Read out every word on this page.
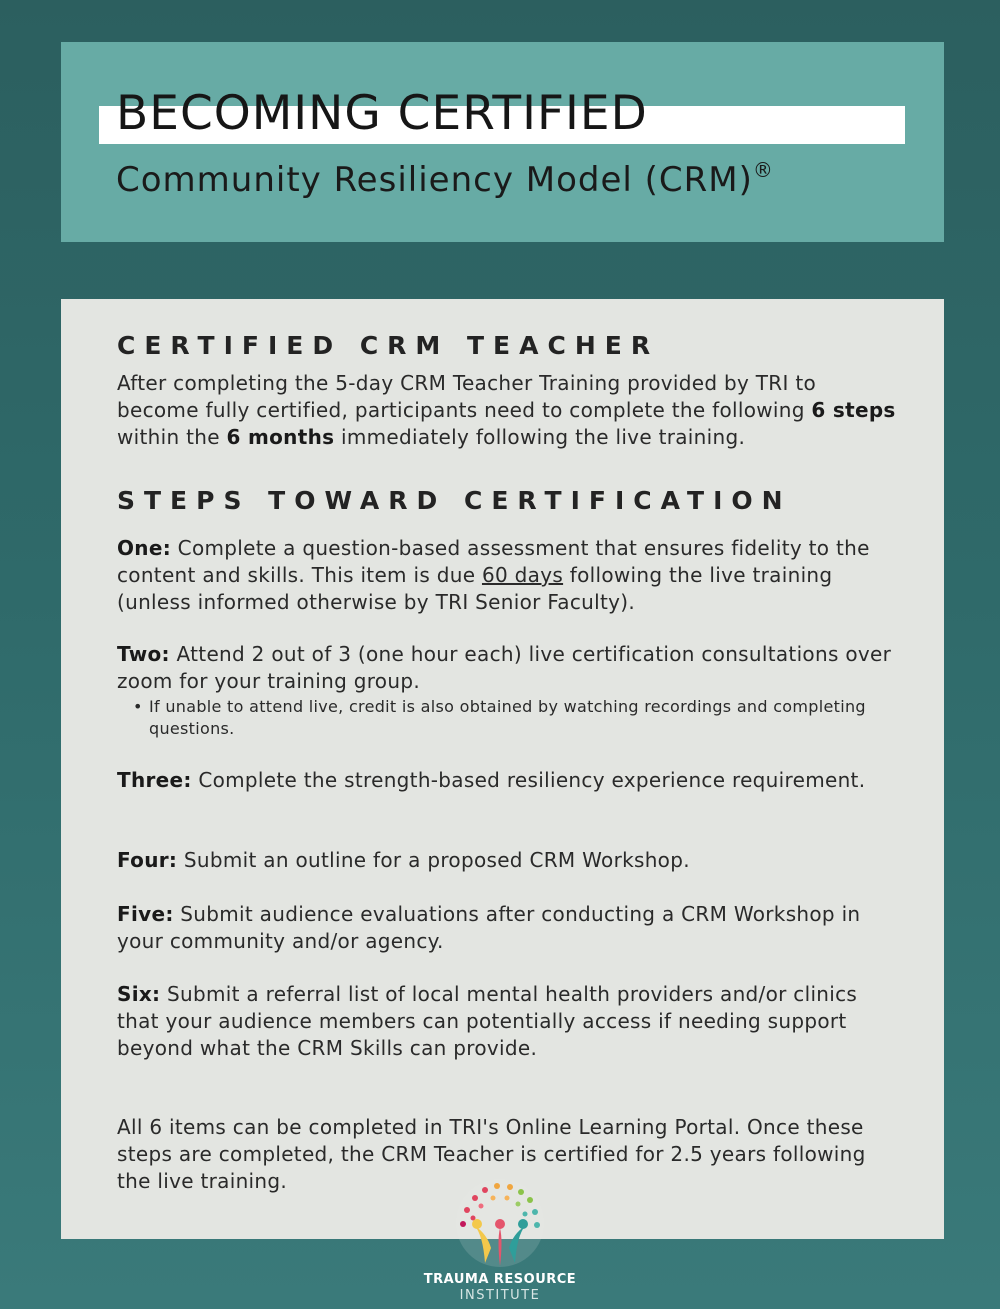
BECOMING CERTIFIED
Community Resiliency Model (CRM)®
CERTIFIED CRM TEACHER
After completing the 5-day CRM Teacher Training provided by TRI to become fully certified, participants need to complete the following 6 steps within the 6 months immediately following the live training.
STEPS TOWARD CERTIFICATION
One: Complete a question-based assessment that ensures fidelity to the content and skills. This item is due 60 days following the live training (unless informed otherwise by TRI Senior Faculty).
Two: Attend 2 out of 3 (one hour each) live certification consultations over zoom for your training group.
• If unable to attend live, credit is also obtained by watching recordings and completing questions.
Three: Complete the strength-based resiliency experience requirement.
Four: Submit an outline for a proposed CRM Workshop.
Five: Submit audience evaluations after conducting a CRM Workshop in your community and/or agency.
Six: Submit a referral list of local mental health providers and/or clinics that your audience members can potentially access if needing support beyond what the CRM Skills can provide.
All 6 items can be completed in TRI's Online Learning Portal. Once these steps are completed, the CRM Teacher is certified for 2.5 years following the live training.
TRAUMA RESOURCE
INSTITUTE
